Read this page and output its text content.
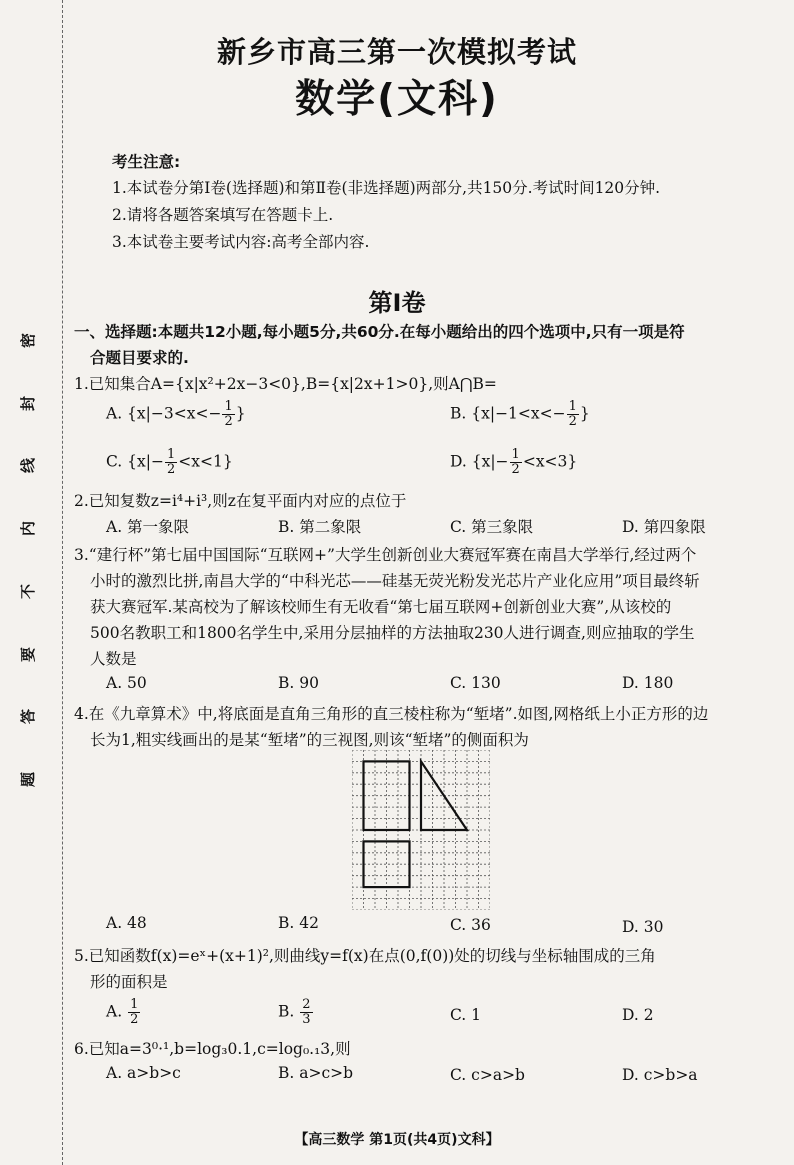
密
封
线
内
不
要
答
题
新乡市高三第一次模拟考试
数学(文科)
考生注意:
1.本试卷分第Ⅰ卷(选择题)和第Ⅱ卷(非选择题)两部分,共150分.考试时间120分钟.
2.请将各题答案填写在答题卡上.
3.本试卷主要考试内容:高考全部内容.
第Ⅰ卷
一、选择题:本题共12小题,每小题5分,共60分.在每小题给出的四个选项中,只有一项是符
合题目要求的.
1.已知集合A={x|x²+2x−3<0},B={x|2x+1>0},则A⋂B=
A. {$x|-3<x<- \frac{1}{2}$ }	B. {$x|-1<x<- \frac{1}{2}$ }
C. $\{x|- \frac{1}{2} <x<1\}$	D. $\{x|- \frac{1}{2} <x<3\}$
2.已知复数z=i⁴+i³,则z在复平面内对应的点位于
A. 第一象限	B. 第二象限	C. 第三象限	D. 第四象限
3.“建行杯”第七届中国国际“互联网+”大学生创新创业大赛冠军赛在南昌大学举行,经过两个
小时的激烈比拼,南昌大学的“中科光芯——硅基无荧光粉发光芯片产业化应用”项目最终斩
获大赛冠军.某高校为了解该校师生有无收看“第七届互联网+创新创业大赛”,从该校的
500名教职工和1800名学生中,采用分层抽样的方法抽取230人进行调查,则应抽取的学生
人数是
A. 50	B. 90	C. 130	D. 180
4.在《九章算术》中,将底面是直角三角形的直三棱柱称为“堑堵”.如图,网格纸上小正方形的边
长为1,粗实线画出的是某“堑堵”的三视图,则该“堑堵”的侧面积为
A. 48	B. 42	C. 36	D. 30
5.已知函数f(x)=eˣ+(x+1)²,则曲线y=f(x)在点(0,f(0))处的切线与坐标轴围成的三角
形的面积是
A. $\frac{1}{2}$	B. $\frac{2}{3}$	C. 1	D. 2
6.已知a=3⁰·¹,b=log₃0.1,c=log₀.₁3,则
A. a>b>c	B. a>c>b	C. c>a>b	D. c>b>a
【高三数学 第1页(共4页)文科】
